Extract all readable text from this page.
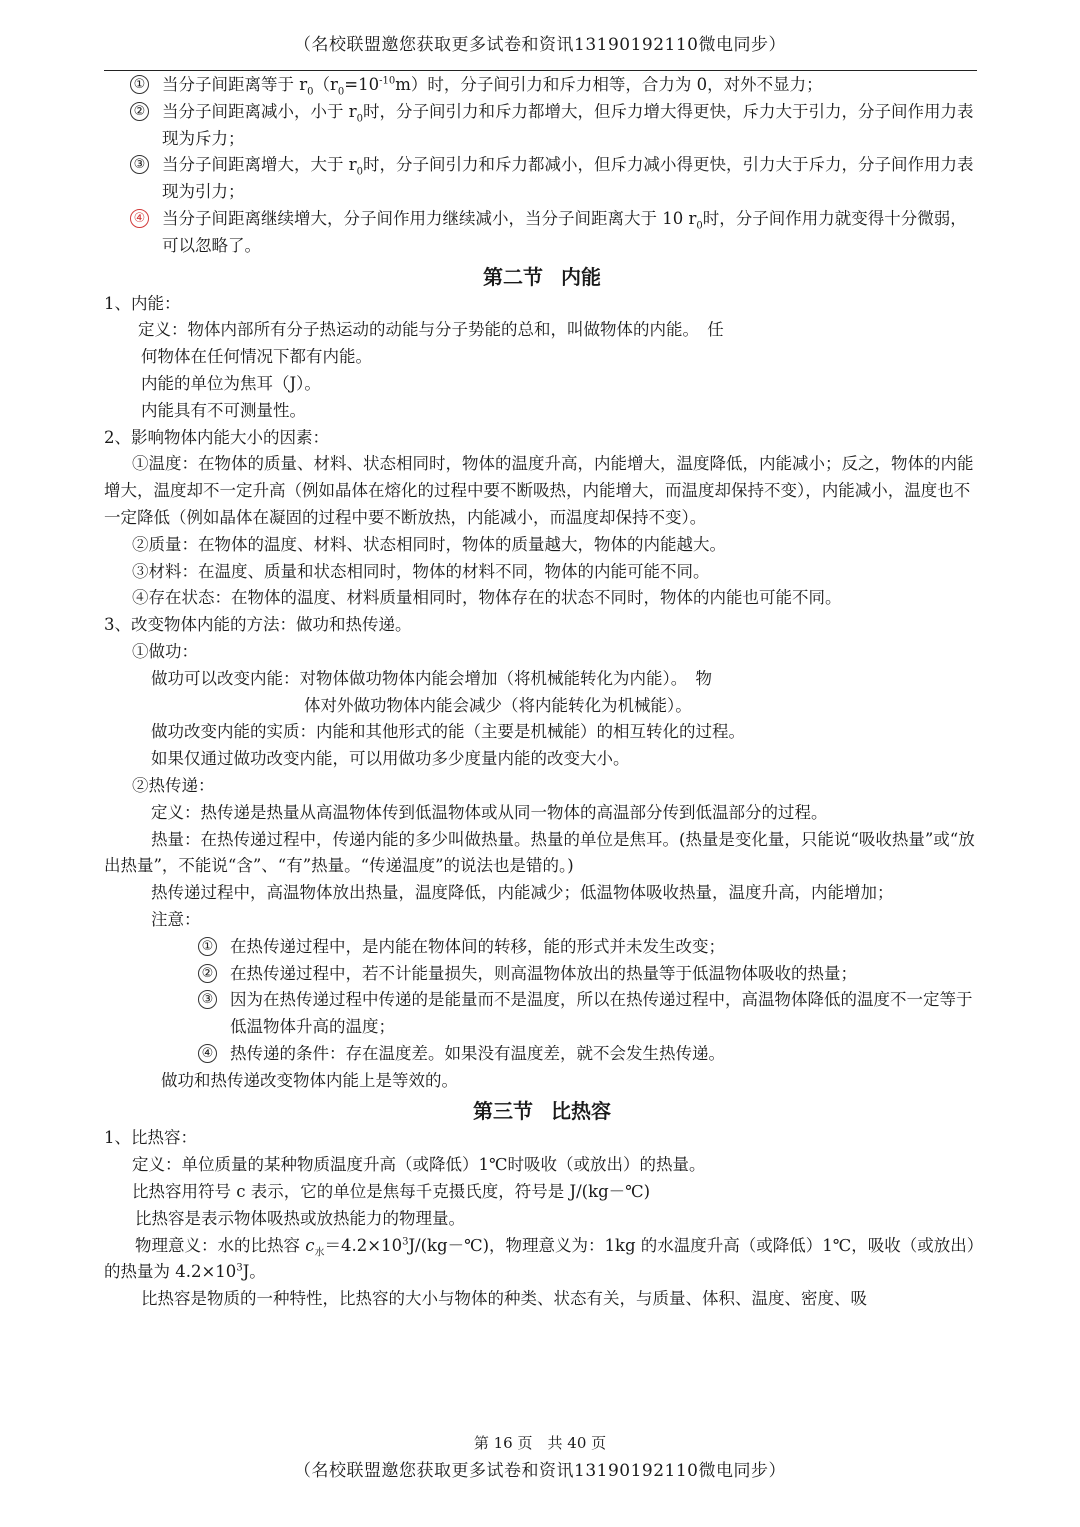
（名校联盟邀您获取更多试卷和资讯13190192110微电同步）
① 当分子间距离等于 $r_0(r_0=10^{-10}m)$时，分子间引力和斥力相等，合力为 0，对外不显力；
② 当分子间距离减小，小于 $r_0$时，分子间引力和斥力都增大，但斥力增大得更快，斥力大于引力，分子间作用力表现为斥力；
③ 当分子间距离增大，大于 $r_0$时，分子间引力和斥力都减小，但斥力减小得更快，引力大于斥力，分子间作用力表现为引力；
④ 当分子间距离继续增大，分子间作用力继续减小，当分子间距离大于 10 $r_0$时，分子间作用力就变得十分微弱，可以忽略了。
第二节 内能

1、内能：

定义：物体内部所有分子热运动的动能与分子势能的总和，叫做物体的内能。　任

何物体在任何情况下都有内能。

内能的单位为焦耳（J）。

内能具有不可测量性。

2、影响物体内能大小的因素：

①温度：在物体的质量、材料、状态相同时，物体的温度升高，内能增大，温度降低，内能减小；反之，物体的内能增大，温度却不一定升高（例如晶体在熔化的过程中要不断吸热，内能增大，而温度却保持不变），内能减小，温度也不一定降低（例如晶体在凝固的过程中要不断放热，内能减小，而温度却保持不变）。

②质量：在物体的温度、材料、状态相同时，物体的质量越大，物体的内能越大。

③材料：在温度、质量和状态相同时，物体的材料不同，物体的内能可能不同。

④存在状态：在物体的温度、材料质量相同时，物体存在的状态不同时，物体的内能也可能不同。

3、改变物体内能的方法：做功和热传递。

①做功：

做功可以改变内能：对物体做功物体内能会增加（将机械能转化为内能）。　物

体对外做功物体内能会减少（将内能转化为机械能）。

做功改变内能的实质：内能和其他形式的能（主要是机械能）的相互转化的过程。

如果仅通过做功改变内能，可以用做功多少度量内能的改变大小。

②热传递：

定义：热传递是热量从高温物体传到低温物体或从同一物体的高温部分传到低温部分的过程。

热量：在热传递过程中，传递内能的多少叫做热量。热量的单位是焦耳。(热量是变化量，只能说“吸收热量”或“放出热量”，不能说“含”、“有”热量。“传递温度”的说法也是错的。)

热传递过程中，高温物体放出热量，温度降低，内能减少；低温物体吸收热量，温度升高，内能增加；

注意：

① 在热传递过程中，是内能在物体间的转移，能的形式并未发生改变；
② 在热传递过程中，若不计能量损失，则高温物体放出的热量等于低温物体吸收的热量；
③ 因为在热传递过程中传递的是能量而不是温度，所以在热传递过程中，高温物体降低的温度不一定等于低温物体升高的温度；
④ 热传递的条件：存在温度差。如果没有温度差，就不会发生热传递。

做功和热传递改变物体内能上是等效的。

第三节 比热容

1、比热容：

定义：单位质量的某种物质温度升高（或降低）1℃时吸收（或放出）的热量。

比热容用符号 c 表示，它的单位是焦每千克摄氏度，符号是 J/(kg－℃)

比热容是表示物体吸热或放热能力的物理量。

物理意义：水的比热容 $c_水=4.2\times 10^3J/(kg-℃)$，物理意义为：1kg 的水温度升高（或降低）1℃，吸收（或放出）的热量为 $4.2\times 10^3J$。

比热容是物质的一种特性，比热容的大小与物体的种类、状态有关，与质量、体积、温度、密度、吸

第 16 页　共 40 页
（名校联盟邀您获取更多试卷和资讯13190192110微电同步）
